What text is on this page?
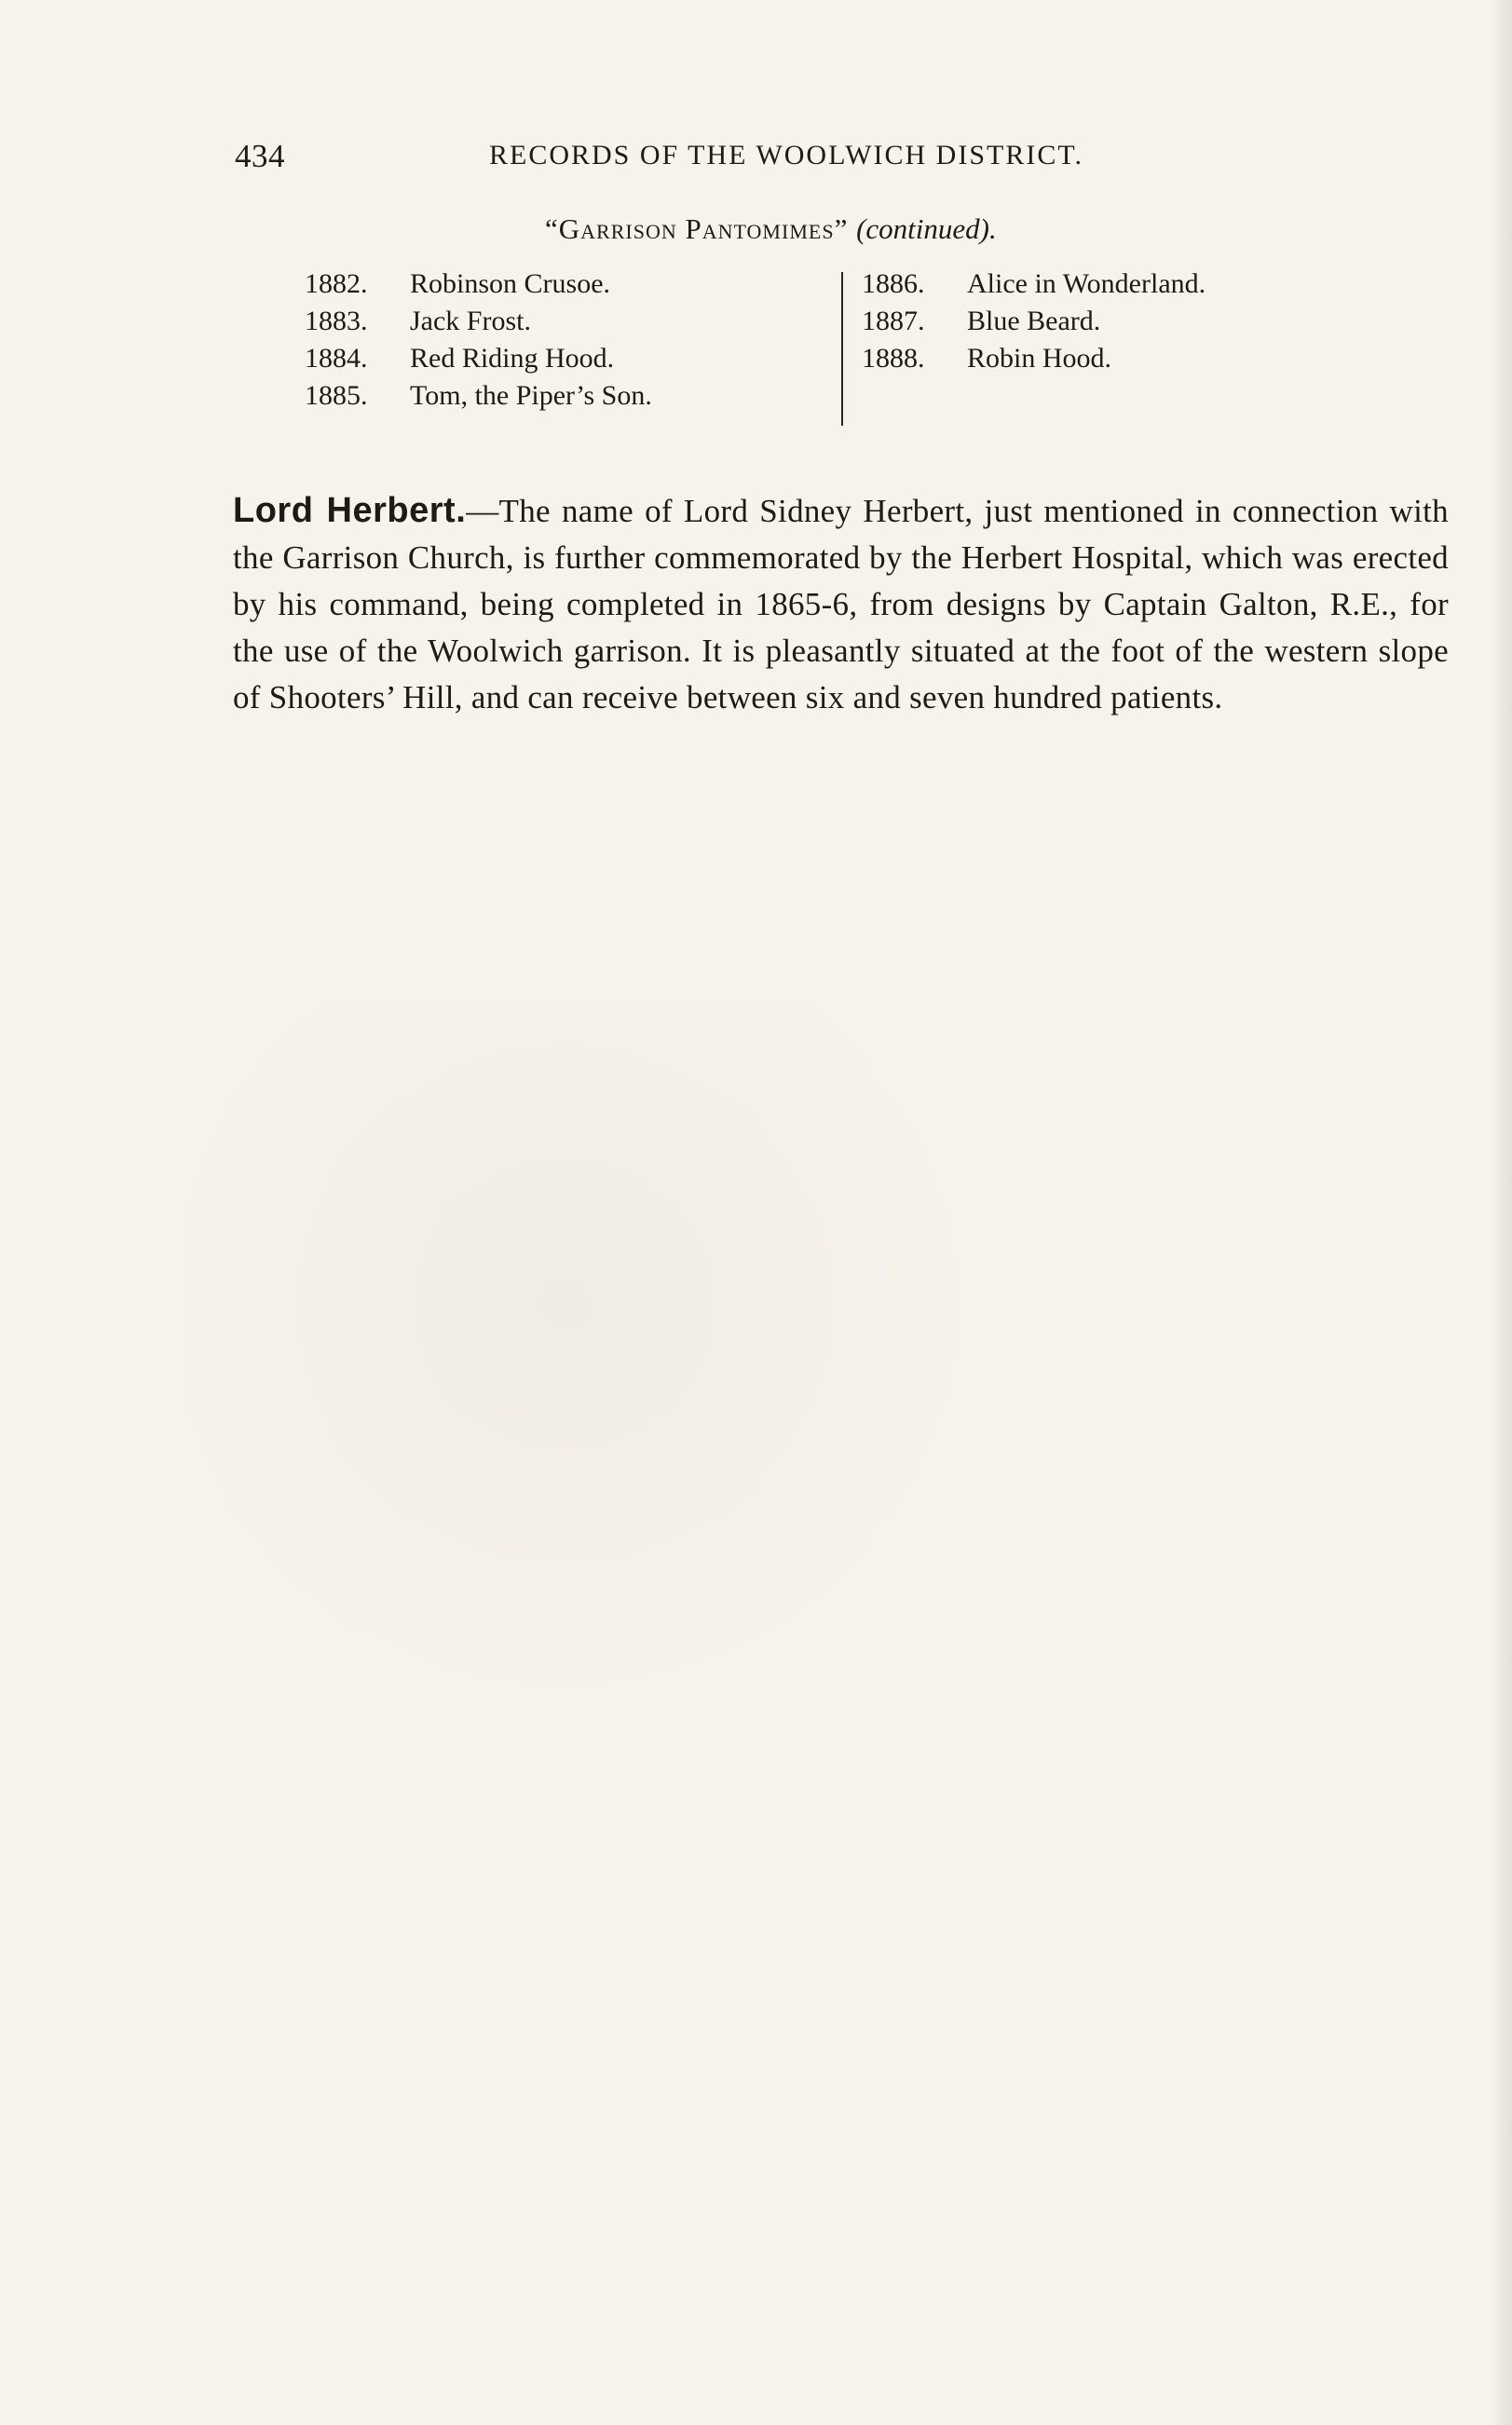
434	RECORDS OF THE WOOLWICH DISTRICT.
“Garrison Pantomimes” (continued).
1882.	Robinson Crusoe.
1883.	Jack Frost.
1884.	Red Riding Hood.
1885.	Tom, the Piper’s Son.
1886.	Alice in Wonderland.
1887.	Blue Beard.
1888.	Robin Hood.

Lord Herbert.—The name of Lord Sidney Herbert, just mentioned in connection with the Garrison Church, is further commemorated by the Herbert Hospital, which was erected by his command, being completed in 1865-6, from designs by Captain Galton, R.E., for the use of the Woolwich garrison. It is pleasantly situated at the foot of the western slope of Shooters’ Hill, and can receive between six and seven hundred patients.
